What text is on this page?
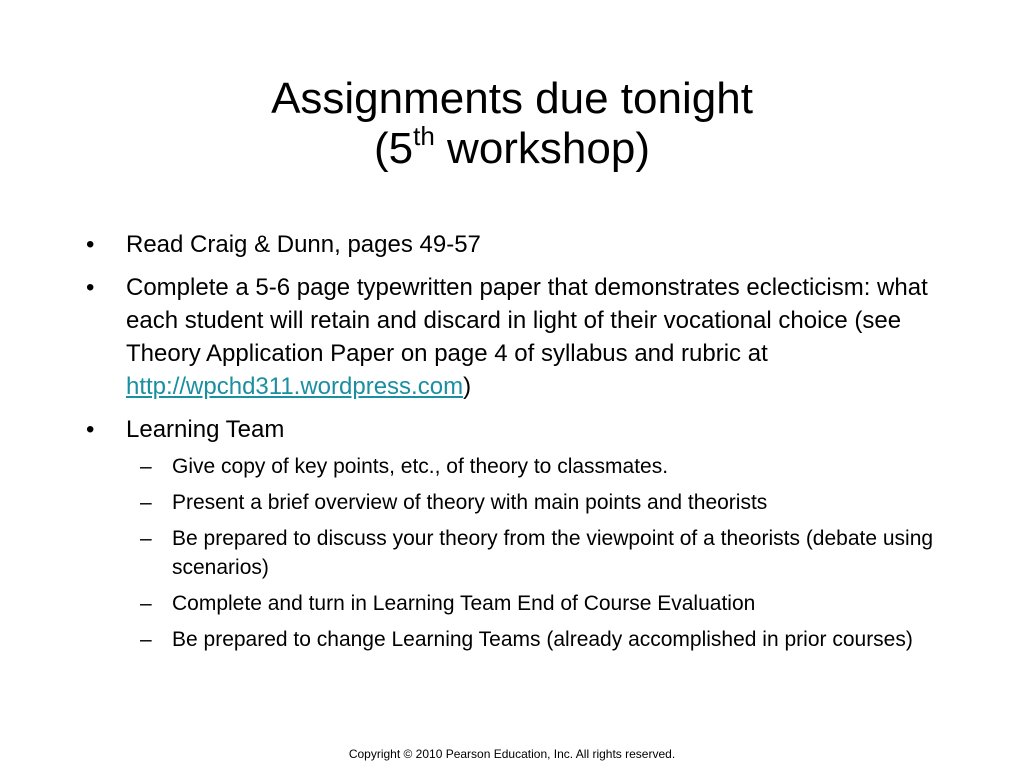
Assignments due tonight
(5th workshop)
•	Read Craig & Dunn, pages 49-57
•	Complete a 5-6 page typewritten paper that demonstrates eclecticism: what each student will retain and discard in light of their vocational choice (see Theory Application Paper on page 4 of syllabus and rubric at http://wpchd311.wordpress.com)
•	Learning Team
– Give copy of key points, etc., of theory to classmates.
– Present a brief overview of theory with main points and theorists
– Be prepared to discuss your theory from the viewpoint of a theorists (debate using scenarios)
– Complete and turn in Learning Team End of Course Evaluation
– Be prepared to change Learning Teams (already accomplished in prior courses)
Copyright © 2010 Pearson Education, Inc. All rights reserved.
